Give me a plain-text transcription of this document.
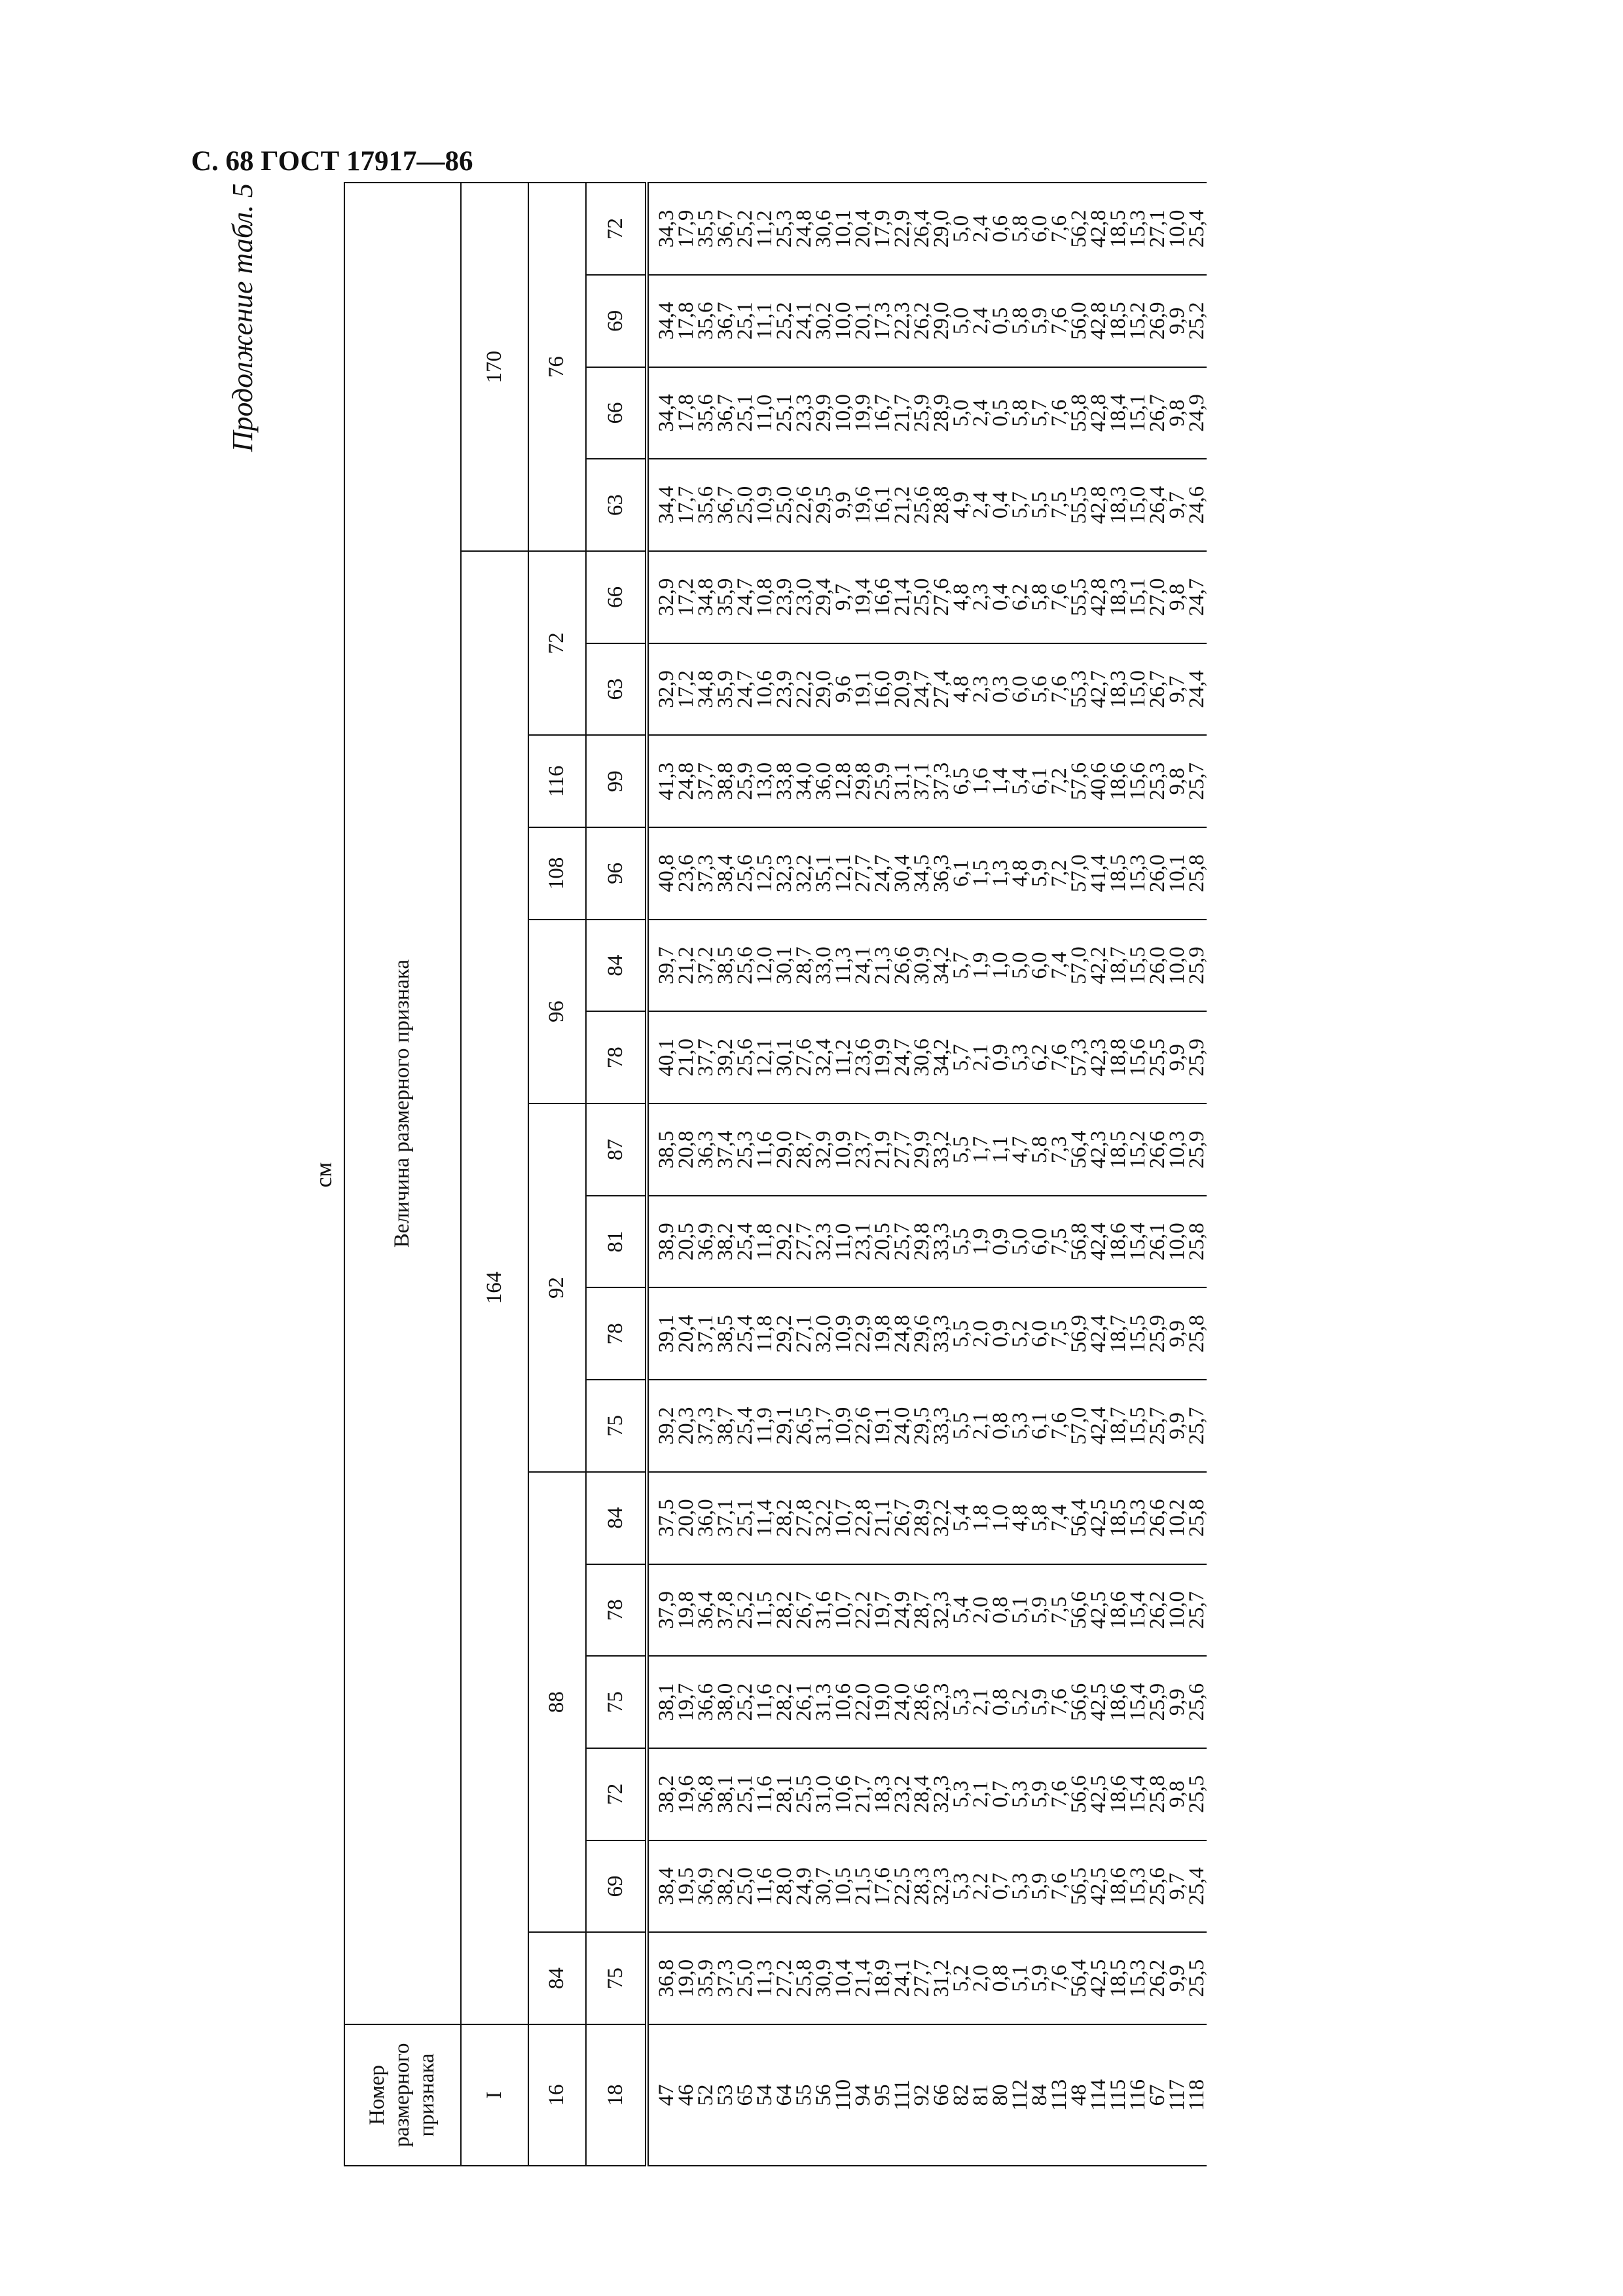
С. 68 ГОСТ 17917—86
Продолжение табл. 5
см
Номер размерного признака	Величина размерного признака																			
I	164																170			
16	84	88					92				96		108	116	72		76			
18	75	69	72	75	78	84	75	78	81	87	78	84	96	99	63	66	63	66	69	72
47	36,8	38,4	38,2	38,1	37,9	37,5	39,2	39,1	38,9	38,5	40,1	39,7	40,8	41,3	32,9	32,9	34,4	34,4	34,4	34,3
46	19,0	19,5	19,6	19,7	19,8	20,0	20,3	20,4	20,5	20,8	21,0	21,2	23,6	24,8	17,2	17,2	17,7	17,8	17,8	17,9
52	35,9	36,9	36,8	36,6	36,4	36,0	37,3	37,1	36,9	36,3	37,7	37,2	37,3	37,7	34,8	34,8	35,6	35,6	35,6	35,5
53	37,3	38,2	38,1	38,0	37,8	37,1	38,7	38,5	38,2	37,4	39,2	38,5	38,4	38,8	35,9	35,9	36,7	36,7	36,7	36,7
65	25,0	25,0	25,1	25,2	25,2	25,1	25,4	25,4	25,4	25,3	25,6	25,6	25,6	25,9	24,7	24,7	25,0	25,1	25,1	25,2
54	11,3	11,6	11,6	11,6	11,5	11,4	11,9	11,8	11,8	11,6	12,1	12,0	12,5	13,0	10,6	10,8	10,9	11,0	11,1	11,2
64	27,2	28,0	28,1	28,2	28,2	28,2	29,1	29,2	29,2	29,0	30,1	30,1	32,3	33,8	23,9	23,9	25,0	25,1	25,2	25,3
55	25,8	24,9	25,5	26,1	26,7	27,8	26,5	27,1	27,7	28,7	27,6	28,7	32,2	34,0	22,2	23,0	22,6	23,3	24,1	24,8
56	30,9	30,7	31,0	31,3	31,6	32,2	31,7	32,0	32,3	32,9	32,4	33,0	35,1	36,0	29,0	29,4	29,5	29,9	30,2	30,6
110	10,4	10,5	10,6	10,6	10,7	10,7	10,9	10,9	11,0	10,9	11,2	11,3	12,1	12,8	9,6	9,7	9,9	10,0	10,0	10,1
94	21,4	21,5	21,7	22,0	22,2	22,8	22,6	22,9	23,1	23,7	23,6	24,1	27,7	29,8	19,1	19,4	19,6	19,9	20,1	20,4
95	18,9	17,6	18,3	19,0	19,7	21,1	19,1	19,8	20,5	21,9	19,9	21,3	24,7	25,9	16,0	16,6	16,1	16,7	17,3	17,9
111	24,1	22,5	23,2	24,0	24,9	26,7	24,0	24,8	25,7	27,7	24,7	26,6	30,4	31,1	20,9	21,4	21,2	21,7	22,3	22,9
92	27,7	28,3	28,4	28,6	28,7	28,9	29,5	29,6	29,8	29,9	30,6	30,9	34,5	37,1	24,7	25,0	25,6	25,9	26,2	26,4
66	31,2	32,3	32,3	32,3	32,3	32,2	33,3	33,3	33,3	33,2	34,2	34,2	36,3	37,3	27,4	27,6	28,8	28,9	29,0	29,0
82	5,2	5,3	5,3	5,3	5,4	5,4	5,5	5,5	5,5	5,5	5,7	5,7	6,1	6,5	4,8	4,8	4,9	5,0	5,0	5,0
81	2,0	2,2	2,1	2,1	2,0	1,8	2,1	2,0	1,9	1,7	2,1	1,9	1,5	1,6	2,3	2,3	2,4	2,4	2,4	2,4
80	0,8	0,7	0,7	0,8	0,8	1,0	0,8	0,9	0,9	1,1	0,9	1,0	1,3	1,4	0,3	0,4	0,4	0,5	0,5	0,6
112	5,1	5,3	5,3	5,2	5,1	4,8	5,3	5,2	5,0	4,7	5,3	5,0	4,8	5,4	6,0	6,2	5,7	5,8	5,8	5,8
84	5,9	5,9	5,9	5,9	5,9	5,8	6,1	6,0	6,0	5,8	6,2	6,0	5,9	6,1	5,6	5,8	5,5	5,7	5,9	6,0
113	7,6	7,6	7,6	7,6	7,5	7,4	7,6	7,5	7,5	7,3	7,6	7,4	7,2	7,2	7,6	7,6	7,5	7,6	7,6	7,6
48	56,4	56,5	56,6	56,6	56,6	56,4	57,0	56,9	56,8	56,4	57,3	57,0	57,0	57,6	55,3	55,5	55,5	55,8	56,0	56,2
114	42,5	42,5	42,5	42,5	42,5	42,5	42,4	42,4	42,4	42,3	42,3	42,2	41,4	40,6	42,7	42,8	42,8	42,8	42,8	42,8
115	18,5	18,6	18,6	18,6	18,6	18,5	18,7	18,7	18,6	18,5	18,8	18,7	18,5	18,6	18,3	18,3	18,3	18,4	18,5	18,5
116	15,3	15,3	15,4	15,4	15,4	15,3	15,5	15,5	15,4	15,2	15,6	15,5	15,3	15,6	15,0	15,1	15,0	15,1	15,2	15,3
67	26,2	25,6	25,8	25,9	26,2	26,6	25,7	25,9	26,1	26,6	25,5	26,0	26,0	25,3	26,7	27,0	26,4	26,7	26,9	27,1
117	9,9	9,7	9,8	9,9	10,0	10,2	9,9	9,9	10,0	10,3	9,9	10,0	10,1	9,8	9,7	9,8	9,7	9,8	9,9	10,0
118	25,5	25,4	25,5	25,6	25,7	25,8	25,7	25,8	25,8	25,9	25,9	25,9	25,8	25,7	24,4	24,7	24,6	24,9	25,2	25,4
